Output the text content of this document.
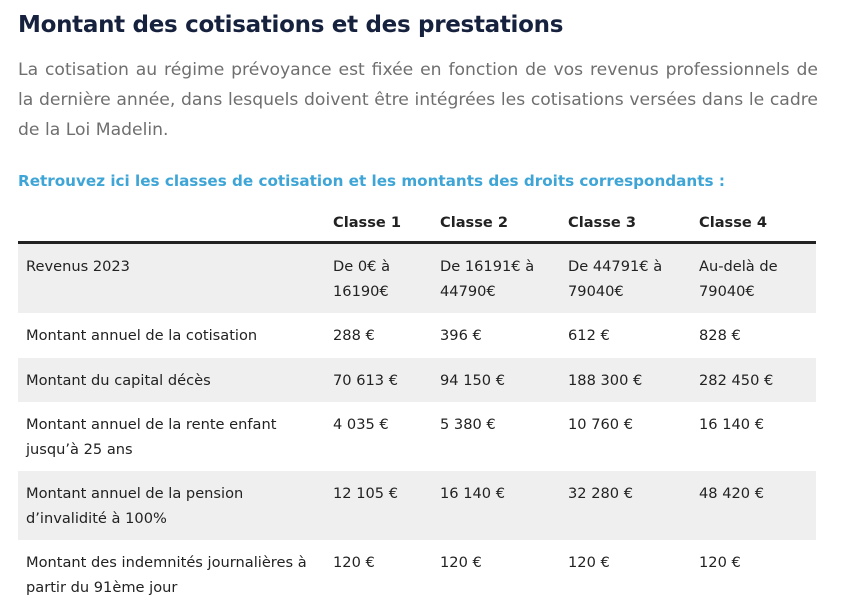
Montant des cotisations et des prestations

La cotisation au régime prévoyance est fixée en fonction de vos revenus professionnels de la dernière année, dans lesquels doivent être intégrées les cotisations versées dans le cadre de la Loi Madelin.

Retrouvez ici les classes de cotisation et les montants des droits correspondants :

	Classe 1	Classe 2	Classe 3	Classe 4
Revenus 2023	De 0€ à 16190€	De 16191€ à 44790€	De 44791€ à 79040€	Au-delà de 79040€
Montant annuel de la cotisation	288 €	396 €	612 €	828 €
Montant du capital décès	70 613 €	94 150 €	188 300 €	282 450 €
Montant annuel de la rente enfant jusqu’à 25 ans	4 035 €	5 380 €	10 760 €	16 140 €
Montant annuel de la pension d’invalidité à 100%	12 105 €	16 140 €	32 280 €	48 420 €
Montant des indemnités journalières à partir du 91ème jour	120 €	120 €	120 €	120 €
